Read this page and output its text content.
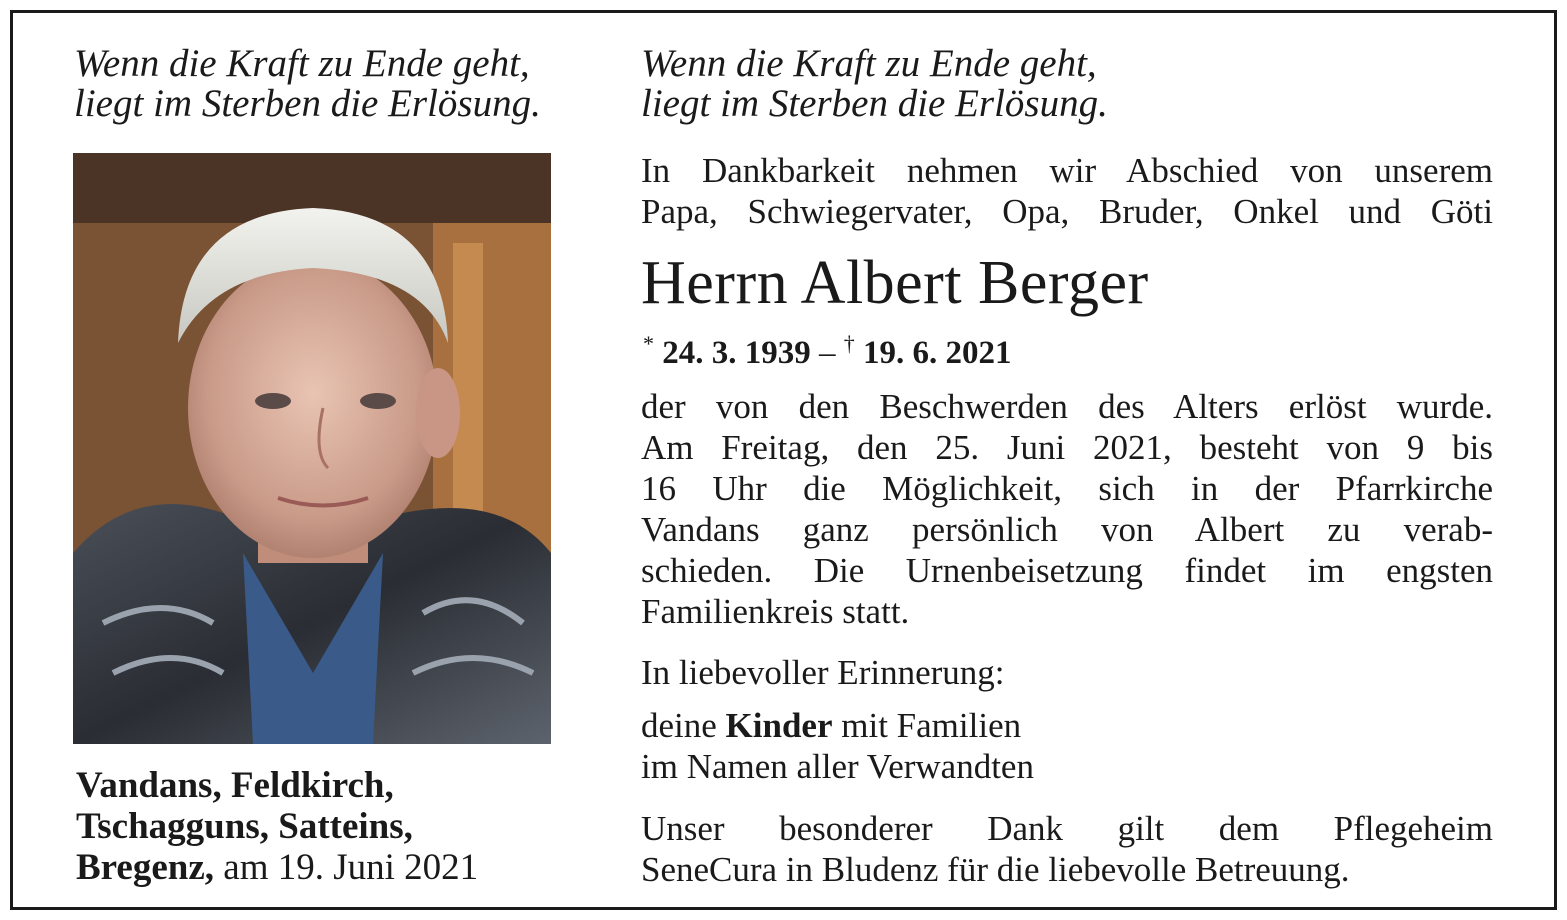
Wenn die Kraft zu Ende geht,
liegt im Sterben die Erlösung.
Vandans, Feldkirch,
Tschagguns, Satteins,
Bregenz, am 19. Juni 2021
Wenn die Kraft zu Ende geht,
liegt im Sterben die Erlösung.
In Dankbarkeit nehmen wir Abschied von unserem
Papa, Schwiegervater, Opa, Bruder, Onkel und Göti
Herrn Albert Berger
* 24. 3. 1939 – † 19. 6. 2021
der von den Beschwerden des Alters erlöst wurde.
Am Freitag, den 25. Juni 2021, besteht von 9 bis
16 Uhr die Möglichkeit, sich in der Pfarrkirche
Vandans ganz persönlich von Albert zu verab-
schieden. Die Urnenbeisetzung findet im engsten
Familienkreis statt.
In liebevoller Erinnerung:
deine Kinder mit Familien
im Namen aller Verwandten
Unser besonderer Dank gilt dem Pflegeheim
SeneCura in Bludenz für die liebevolle Betreuung.
